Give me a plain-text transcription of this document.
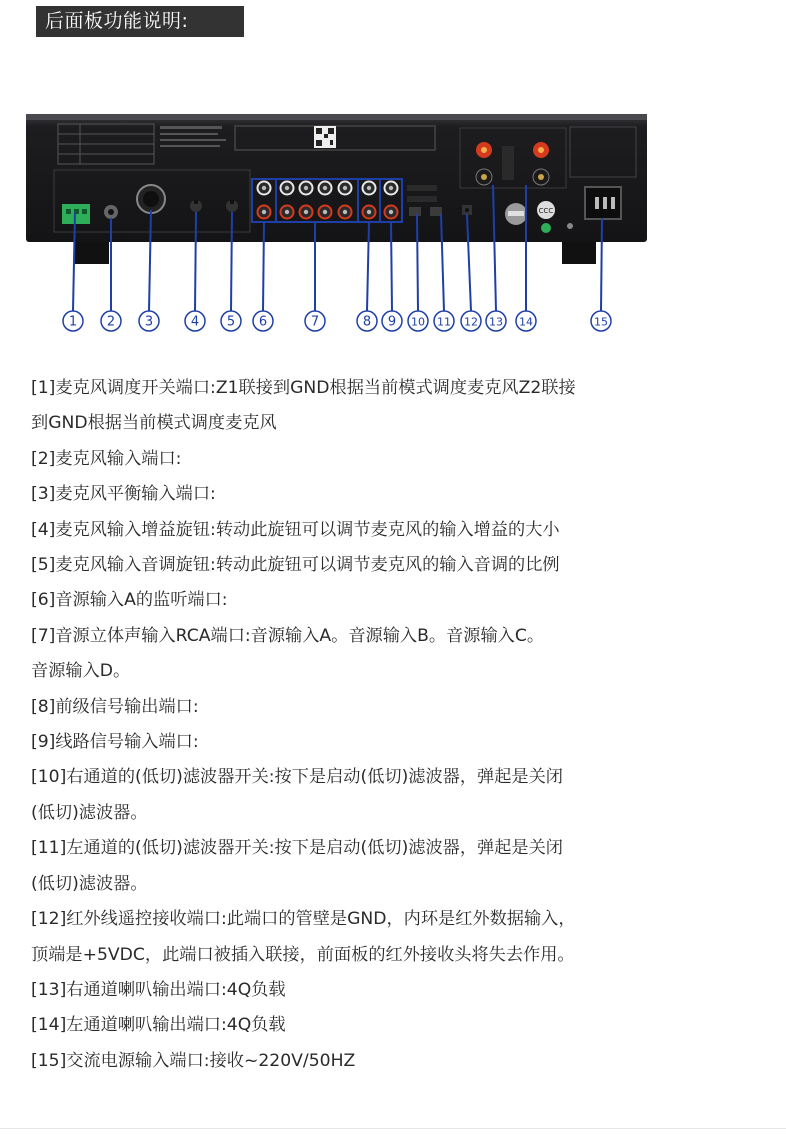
后面板功能说明:
CCC
1 2 3	4 5 6	7	8 9 10 11 12 13 14	15

[1]麦克风调度开关端口:Z1联接到GND根据当前模式调度麦克风Z2联接

到GND根据当前模式调度麦克风

[2]麦克风输入端口:

[3]麦克风平衡输入端口:

[4]麦克风输入增益旋钮:转动此旋钮可以调节麦克风的输入增益的大小

[5]麦克风输入音调旋钮:转动此旋钮可以调节麦克风的输入音调的比例

[6]音源输入A的监听端口:

[7]音源立体声输入RCA端口:音源输入A。音源输入B。音源输入C。

音源输入D。

[8]前级信号输出端口:

[9]线路信号输入端口:

[10]右通道的(低切)滤波器开关:按下是启动(低切)滤波器，弹起是关闭

(低切)滤波器。

[11]左通道的(低切)滤波器开关:按下是启动(低切)滤波器，弹起是关闭

(低切)滤波器。

[12]红外线遥控接收端口:此端口的管壁是GND，内环是红外数据输入，

顶端是+5VDC，此端口被插入联接，前面板的红外接收头将失去作用。

[13]右通道喇叭输出端口:4Q负载

[14]左通道喇叭输出端口:4Q负载

[15]交流电源输入端口:接收~220V/50HZ
